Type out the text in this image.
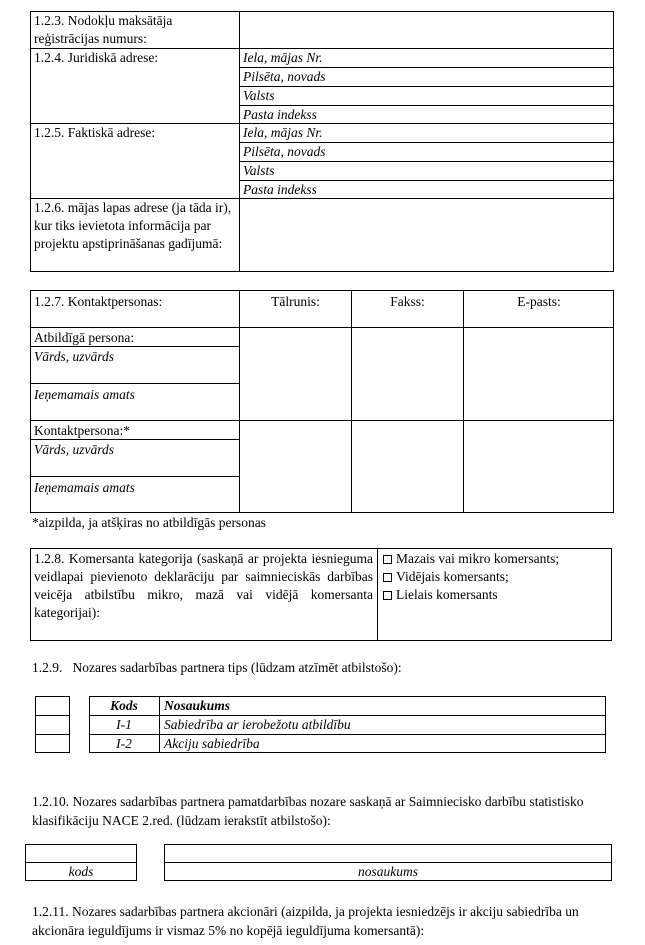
1.2.3. Nodokļu maksātāja reģistrācijas numurs:
1.2.4. Juridiskā adrese:	Iela, mājas Nr.
Pilsēta, novads
Valsts
Pasta indekss
1.2.5. Faktiskā adrese:	Iela, mājas Nr.
Pilsēta, novads
Valsts
Pasta indekss
1.2.6. mājas lapas adrese (ja tāda ir), kur tiks ievietota informācija par projektu apstiprināšanas gadījumā:
1.2.7. Kontaktpersonas:	Tālrunis:	Fakss:	E-pasts:
Atbildīgā persona:
Vārds, uzvārds
Ieņemamais amats
Kontaktpersona:*
Vārds, uzvārds
Ieņemamais amats
*aizpilda, ja atšķiras no atbildīgās personas
1.2.8. Komersanta kategorija (saskaņā ar projekta iesnieguma veidlapai pievienoto deklarāciju par saimnieciskās darbības veicēja atbilstību mikro, mazā vai vidējā komersanta kategorijai):
Mazais vai mikro komersants;
Vidējais komersants;
Lielais komersants
1.2.9.   Nozares sadarbības partnera tips (lūdzam atzīmēt atbilstošo):
Kods	Nosaukums
I-1	Sabiedrība ar ierobežotu atbildību
I-2	Akciju sabiedrība
1.2.10. Nozares sadarbības partnera pamatdarbības nozare saskaņā ar Saimniecisko darbību statistisko klasifikāciju NACE 2.red. (lūdzam ierakstīt atbilstošo):
kods	nosaukums
1.2.11. Nozares sadarbības partnera akcionāri (aizpilda, ja projekta iesniedzējs ir akciju sabiedrība un akcionāra ieguldījums ir vismaz 5% no kopējā ieguldījuma komersantā):
